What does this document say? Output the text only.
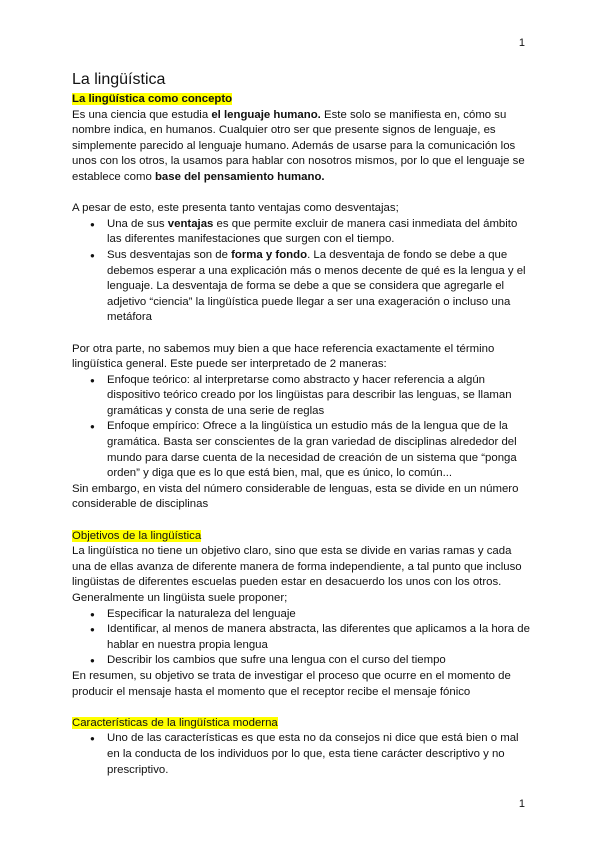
1
La lingüística
La lingüística como concepto

Es una ciencia que estudia el lenguaje humano. Este solo se manifiesta en, cómo su nombre indica, en humanos. Cualquier otro ser que presente signos de lenguaje, es simplemente parecido al lenguaje humano. Además de usarse para la comunicación los unos con los otros, la usamos para hablar con nosotros mismos, por lo que el lenguaje se establece como base del pensamiento humano.

A pesar de esto, este presenta tanto ventajas como desventajas;

● Una de sus ventajas es que permite excluir de manera casi inmediata del ámbito las diferentes manifestaciones que surgen con el tiempo.
● Sus desventajas son de forma y fondo. La desventaja de fondo se debe a que debemos esperar a una explicación más o menos decente de qué es la lengua y el lenguaje. La desventaja de forma se debe a que se considera que agregarle el adjetivo “ciencia” la lingüística puede llegar a ser una exageración o incluso una metáfora

Por otra parte, no sabemos muy bien a que hace referencia exactamente el término lingüística general. Este puede ser interpretado de 2 maneras:

● Enfoque teórico: al interpretarse como abstracto y hacer referencia a algún dispositivo teórico creado por los lingüistas para describir las lenguas, se llaman gramáticas y consta de una serie de reglas
● Enfoque empírico: Ofrece a la lingüística un estudio más de la lengua que de la gramática. Basta ser conscientes de la gran variedad de disciplinas alrededor del mundo para darse cuenta de la necesidad de creación de un sistema que “ponga orden” y diga que es lo que está bien, mal, que es único, lo común...

Sin embargo, en vista del número considerable de lenguas, esta se divide en un número considerable de disciplinas

Objetivos de la lingüística

La lingüística no tiene un objetivo claro, sino que esta se divide en varias ramas y cada una de ellas avanza de diferente manera de forma independiente, a tal punto que incluso lingüistas de diferentes escuelas pueden estar en desacuerdo los unos con los otros. Generalmente un lingüista suele proponer;

● Especificar la naturaleza del lenguaje
● Identificar, al menos de manera abstracta, las diferentes que aplicamos a la hora de hablar en nuestra propia lengua
● Describir los cambios que sufre una lengua con el curso del tiempo

En resumen, su objetivo se trata de investigar el proceso que ocurre en el momento de producir el mensaje hasta el momento que el receptor recibe el mensaje fónico

Características de la lingüística moderna
● Uno de las características es que esta no da consejos ni dice que está bien o mal en la conducta de los individuos por lo que, esta tiene carácter descriptivo y no prescriptivo.
1
